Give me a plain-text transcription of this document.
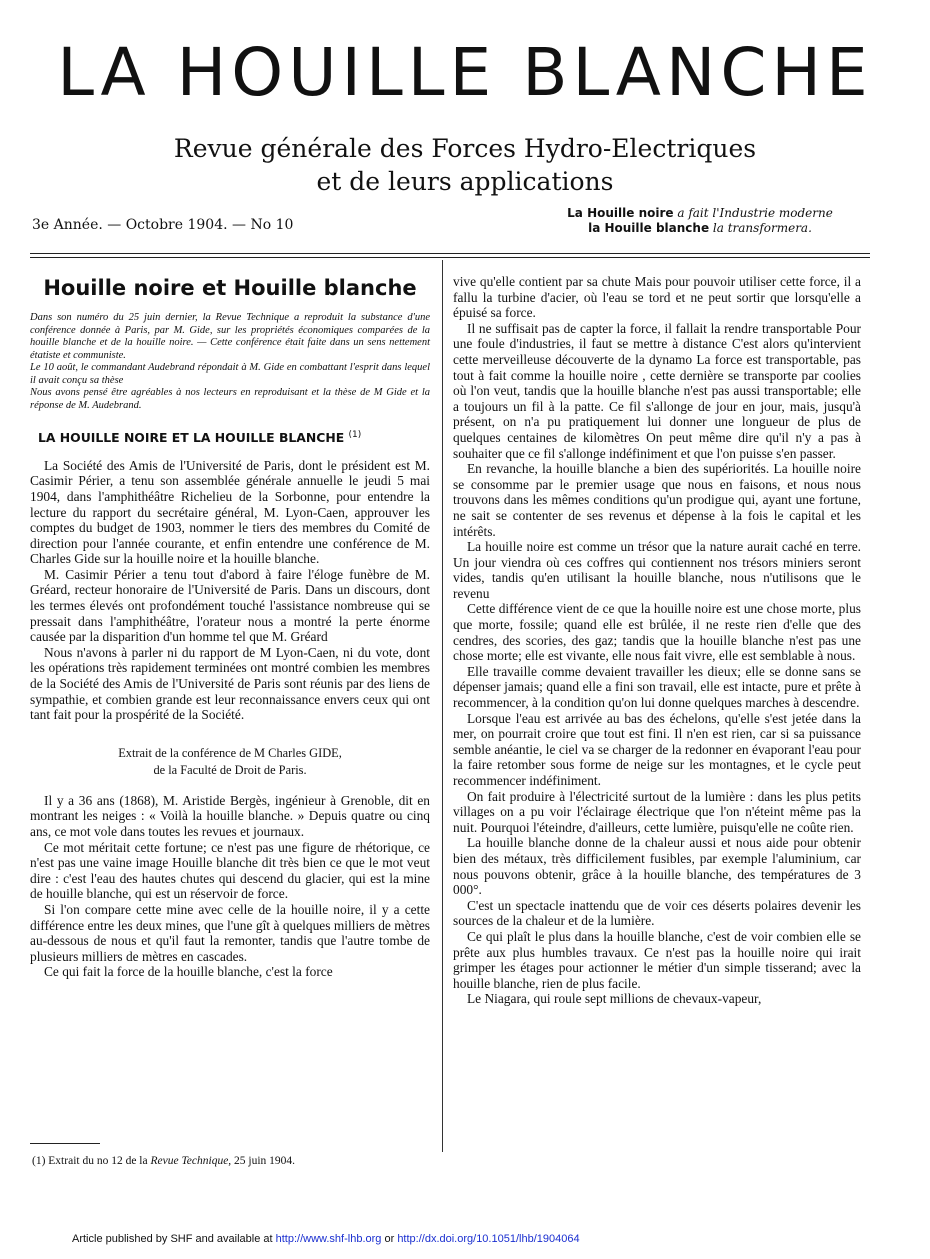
LA HOUILLE BLANCHE
Revue générale des Forces Hydro-Electriques
et de leurs applications
3e Année. — Octobre 1904. — No 10
La Houille noire a fait l'Industrie moderne
la Houille blanche la transformera.
Houille noire et Houille blanche

Dans son numéro du 25 juin dernier, la Revue Technique a reproduit la substance d'une conférence donnée à Paris, par M. Gide, sur les propriétés économiques comparées de la houille blanche et de la houille noire. — Cette conférence était faite dans un sens nettement étatiste et communiste.

Le 10 août, le commandant Audebrand répondait à M. Gide en combattant l'esprit dans lequel il avait conçu sa thèse

Nous avons pensé être agréables à nos lecteurs en reproduisant et la thèse de M Gide et la réponse de M. Audebrand.

LA HOUILLE NOIRE ET LA HOUILLE BLANCHE $^{(1)}$

La Société des Amis de l'Université de Paris, dont le président est M. Casimir Périer, a tenu son assemblée générale annuelle le jeudi 5 mai 1904, dans l'amphithéâtre Richelieu de la Sorbonne, pour entendre la lecture du rapport du secrétaire général, M. Lyon-Caen, approuver les comptes du budget de 1903, nommer le tiers des membres du Comité de direction pour l'année courante, et enfin entendre une conférence de M. Charles Gide sur la houille noire et la houille blanche.

M. Casimir Périer a tenu tout d'abord à faire l'éloge funèbre de M. Gréard, recteur honoraire de l'Université de Paris. Dans un discours, dont les termes élevés ont profondément touché l'assistance nombreuse qui se pressait dans l'amphithéâtre, l'orateur nous a montré la perte énorme causée par la disparition d'un homme tel que M. Gréard

Nous n'avons à parler ni du rapport de M Lyon-Caen, ni du vote, dont les opérations très rapidement terminées ont montré combien les membres de la Société des Amis de l'Université de Paris sont réunis par des liens de sympathie, et combien grande est leur reconnaissance envers ceux qui ont tant fait pour la prospérité de la Société.

Extrait de la conférence de M Charles GIDE,
de la Faculté de Droit de Paris.

Il y a 36 ans (1868), M. Aristide Bergès, ingénieur à Grenoble, dit en montrant les neiges : « Voilà la houille blanche. » Depuis quatre ou cinq ans, ce mot vole dans toutes les revues et journaux.

Ce mot méritait cette fortune; ce n'est pas une figure de rhétorique, ce n'est pas une vaine image Houille blanche dit très bien ce que le mot veut dire : c'est l'eau des hautes chutes qui descend du glacier, qui est la mine de houille blanche, qui est un réservoir de force.

Si l'on compare cette mine avec celle de la houille noire, il y a cette différence entre les deux mines, que l'une gît à quelques milliers de mètres au-dessous de nous et qu'il faut la remonter, tandis que l'autre tombe de plusieurs milliers de mètres en cascades.

Ce qui fait la force de la houille blanche, c'est la force

vive qu'elle contient par sa chute Mais pour pouvoir utiliser cette force, il a fallu la turbine d'acier, où l'eau se tord et ne peut sortir que lorsqu'elle a épuisé sa force.

Il ne suffisait pas de capter la force, il fallait la rendre transportable Pour une foule d'industries, il faut se mettre à distance C'est alors qu'intervient cette merveilleuse découverte de la dynamo La force est transportable, pas tout à fait comme la houille noire , cette dernière se transporte par coolies où l'on veut, tandis que la houille blanche n'est pas aussi transportable; elle a toujours un fil à la patte. Ce fil s'allonge de jour en jour, mais, jusqu'à présent, on n'a pu pratiquement lui donner une longueur de plus de quelques centaines de kilomètres On peut même dire qu'il n'y a pas à souhaiter que ce fil s'allonge indéfiniment et que l'on puisse s'en passer.

En revanche, la houille blanche a bien des supériorités. La houille noire se consomme par le premier usage que nous en faisons, et nous nous trouvons dans les mêmes conditions qu'un prodigue qui, ayant une fortune, ne sait se contenter de ses revenus et dépense à la fois le capital et les intérêts.

La houille noire est comme un trésor que la nature aurait caché en terre. Un jour viendra où ces coffres qui contiennent nos trésors miniers seront vides, tandis qu'en utilisant la houille blanche, nous n'utilisons que le revenu

Cette différence vient de ce que la houille noire est une chose morte, plus que morte, fossile; quand elle est brûlée, il ne reste rien d'elle que des cendres, des scories, des gaz; tandis que la houille blanche n'est pas une chose morte; elle est vivante, elle nous fait vivre, elle est semblable à nous.

Elle travaille comme devaient travailler les dieux; elle se donne sans se dépenser jamais; quand elle a fini son travail, elle est intacte, pure et prête à recommencer, à la condition qu'on lui donne quelques marches à descendre.

Lorsque l'eau est arrivée au bas des échelons, qu'elle s'est jetée dans la mer, on pourrait croire que tout est fini. Il n'en est rien, car si sa puissance semble anéantie, le ciel va se charger de la redonner en évaporant l'eau pour la faire retomber sous forme de neige sur les montagnes, et le cycle peut recommencer indéfiniment.

On fait produire à l'électricité surtout de la lumière : dans les plus petits villages on a pu voir l'éclairage électrique que l'on n'éteint même pas la nuit. Pourquoi l'éteindre, d'ailleurs, cette lumière, puisqu'elle ne coûte rien.

La houille blanche donne de la chaleur aussi et nous aide pour obtenir bien des métaux, très difficilement fusibles, par exemple l'aluminium, car nous pouvons obtenir, grâce à la houille blanche, des températures de 3 000°.

C'est un spectacle inattendu que de voir ces déserts polaires devenir les sources de la chaleur et de la lumière.

Ce qui plaît le plus dans la houille blanche, c'est de voir combien elle se prête aux plus humbles travaux. Ce n'est pas la houille noire qui irait grimper les étages pour actionner le métier d'un simple tisserand; avec la houille blanche, rien de plus facile.

Le Niagara, qui roule sept millions de chevaux-vapeur,

(1) Extrait du no 12 de la Revue Technique, 25 juin 1904.
Article published by SHF and available at http://www.shf-lhb.org or http://dx.doi.org/10.1051/lhb/1904064
